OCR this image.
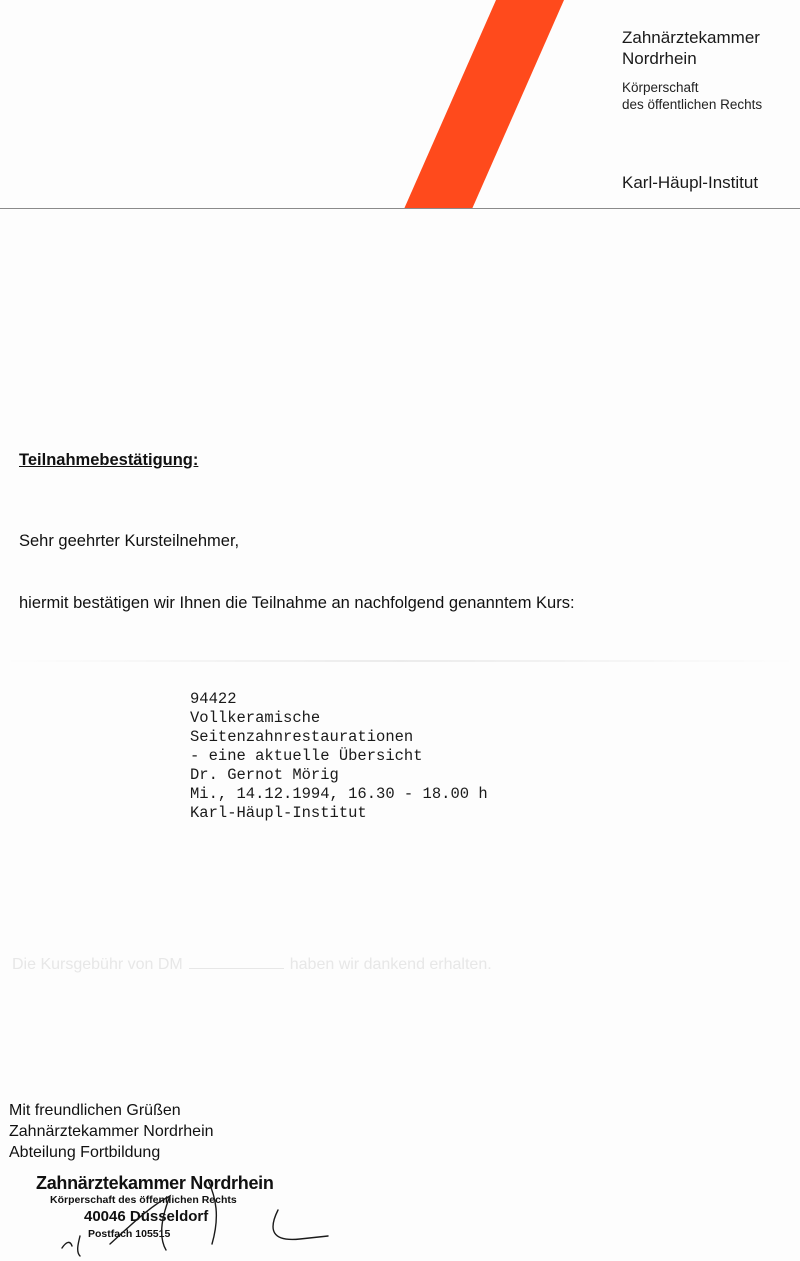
Zahnärztekammer
Nordrhein
Körperschaft
des öffentlichen Rechts
Karl-Häupl-Institut
Teilnahmebestätigung:
Sehr geehrter Kursteilnehmer,
hiermit bestätigen wir Ihnen die Teilnahme an nachfolgend genanntem Kurs:
94422
Vollkeramische
Seitenzahnrestaurationen
- eine aktuelle Übersicht
Dr. Gernot Mörig
Mi., 14.12.1994, 16.30 - 18.00 h
Karl-Häupl-Institut
Die Kursgebühr von DM	haben wir dankend erhalten.
Mit freundlichen Grüßen
Zahnärztekammer Nordrhein
Abteilung Fortbildung
Zahnärztekammer Nordrhein
Körperschaft des öffentlichen Rechts
40046 Düsseldorf
Postfach 105515
